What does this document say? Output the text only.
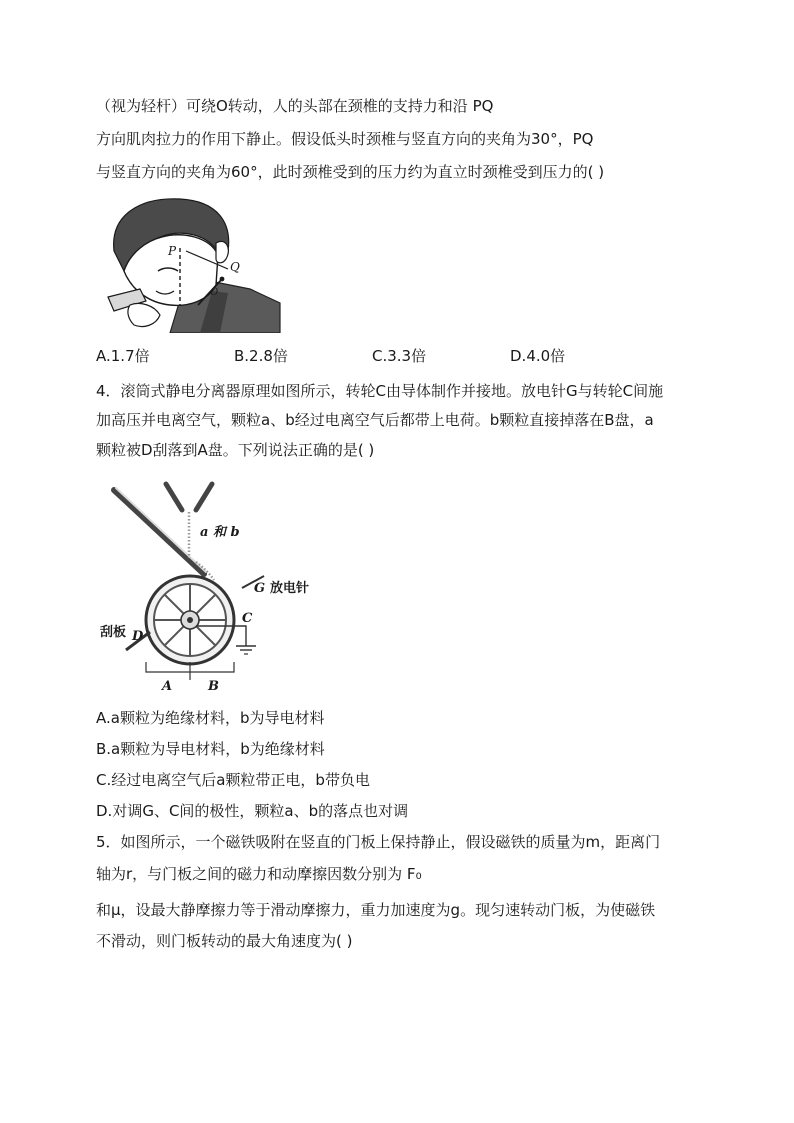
（视为轻杆）可绕O转动，人的头部在颈椎的支持力和沿 PQ
方向肌肉拉力的作用下静止。假设低头时颈椎与竖直方向的夹角为30°，PQ
与竖直方向的夹角为60°，此时颈椎受到的压力约为直立时颈椎受到压力的( )
P
Q
O
A.1.7倍	B.2.8倍	C.3.3倍	D.4.0倍
4．滚筒式静电分离器原理如图所示，转轮C由导体制作并接地。放电针G与转轮C间施
加高压并电离空气，颗粒a、b经过电离空气后都带上电荷。b颗粒直接掉落在B盘，a
颗粒被D刮落到A盘。下列说法正确的是( )
a 和 b
G 放电针
C
D
刮板
A	B
A.a颗粒为绝缘材料，b为导电材料
B.a颗粒为导电材料，b为绝缘材料
C.经过电离空气后a颗粒带正电，b带负电
D.对调G、C间的极性，颗粒a、b的落点也对调
5．如图所示，一个磁铁吸附在竖直的门板上保持静止，假设磁铁的质量为m，距离门
轴为r，与门板之间的磁力和动摩擦因数分别为 F₀
和μ，设最大静摩擦力等于滑动摩擦力，重力加速度为g。现匀速转动门板，为使磁铁
不滑动，则门板转动的最大角速度为( )
